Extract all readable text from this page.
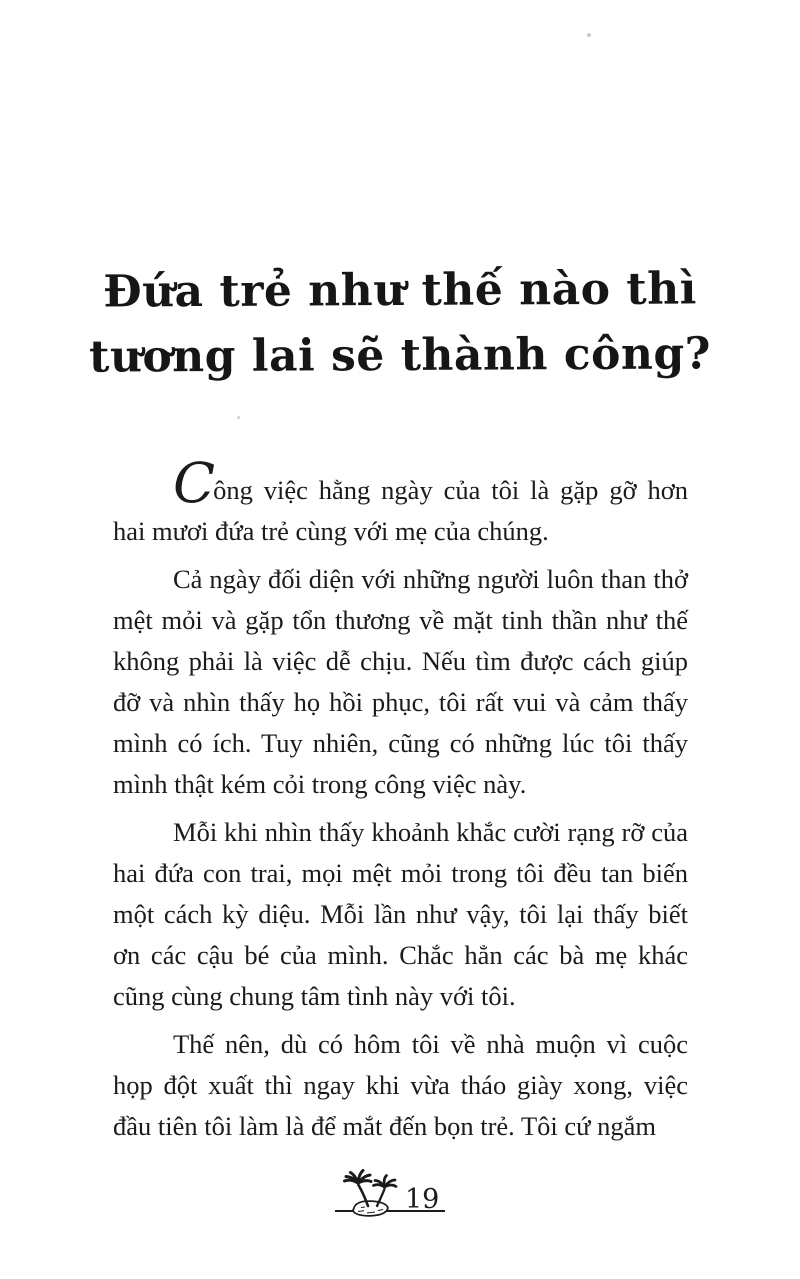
Đứa trẻ như thế nào thì
tương lai sẽ thành công?

Công việc hằng ngày của tôi là gặp gỡ hơn hai mươi đứa trẻ cùng với mẹ của chúng.

Cả ngày đối diện với những người luôn than thở mệt mỏi và gặp tổn thương về mặt tinh thần như thế không phải là việc dễ chịu. Nếu tìm được cách giúp đỡ và nhìn thấy họ hồi phục, tôi rất vui và cảm thấy mình có ích. Tuy nhiên, cũng có những lúc tôi thấy mình thật kém cỏi trong công việc này.

Mỗi khi nhìn thấy khoảnh khắc cười rạng rỡ của hai đứa con trai, mọi mệt mỏi trong tôi đều tan biến một cách kỳ diệu. Mỗi lần như vậy, tôi lại thấy biết ơn các cậu bé của mình. Chắc hẳn các bà mẹ khác cũng cùng chung tâm tình này với tôi.

Thế nên, dù có hôm tôi về nhà muộn vì cuộc họp đột xuất thì ngay khi vừa tháo giày xong, việc đầu tiên tôi làm là để mắt đến bọn trẻ. Tôi cứ ngắm

19
